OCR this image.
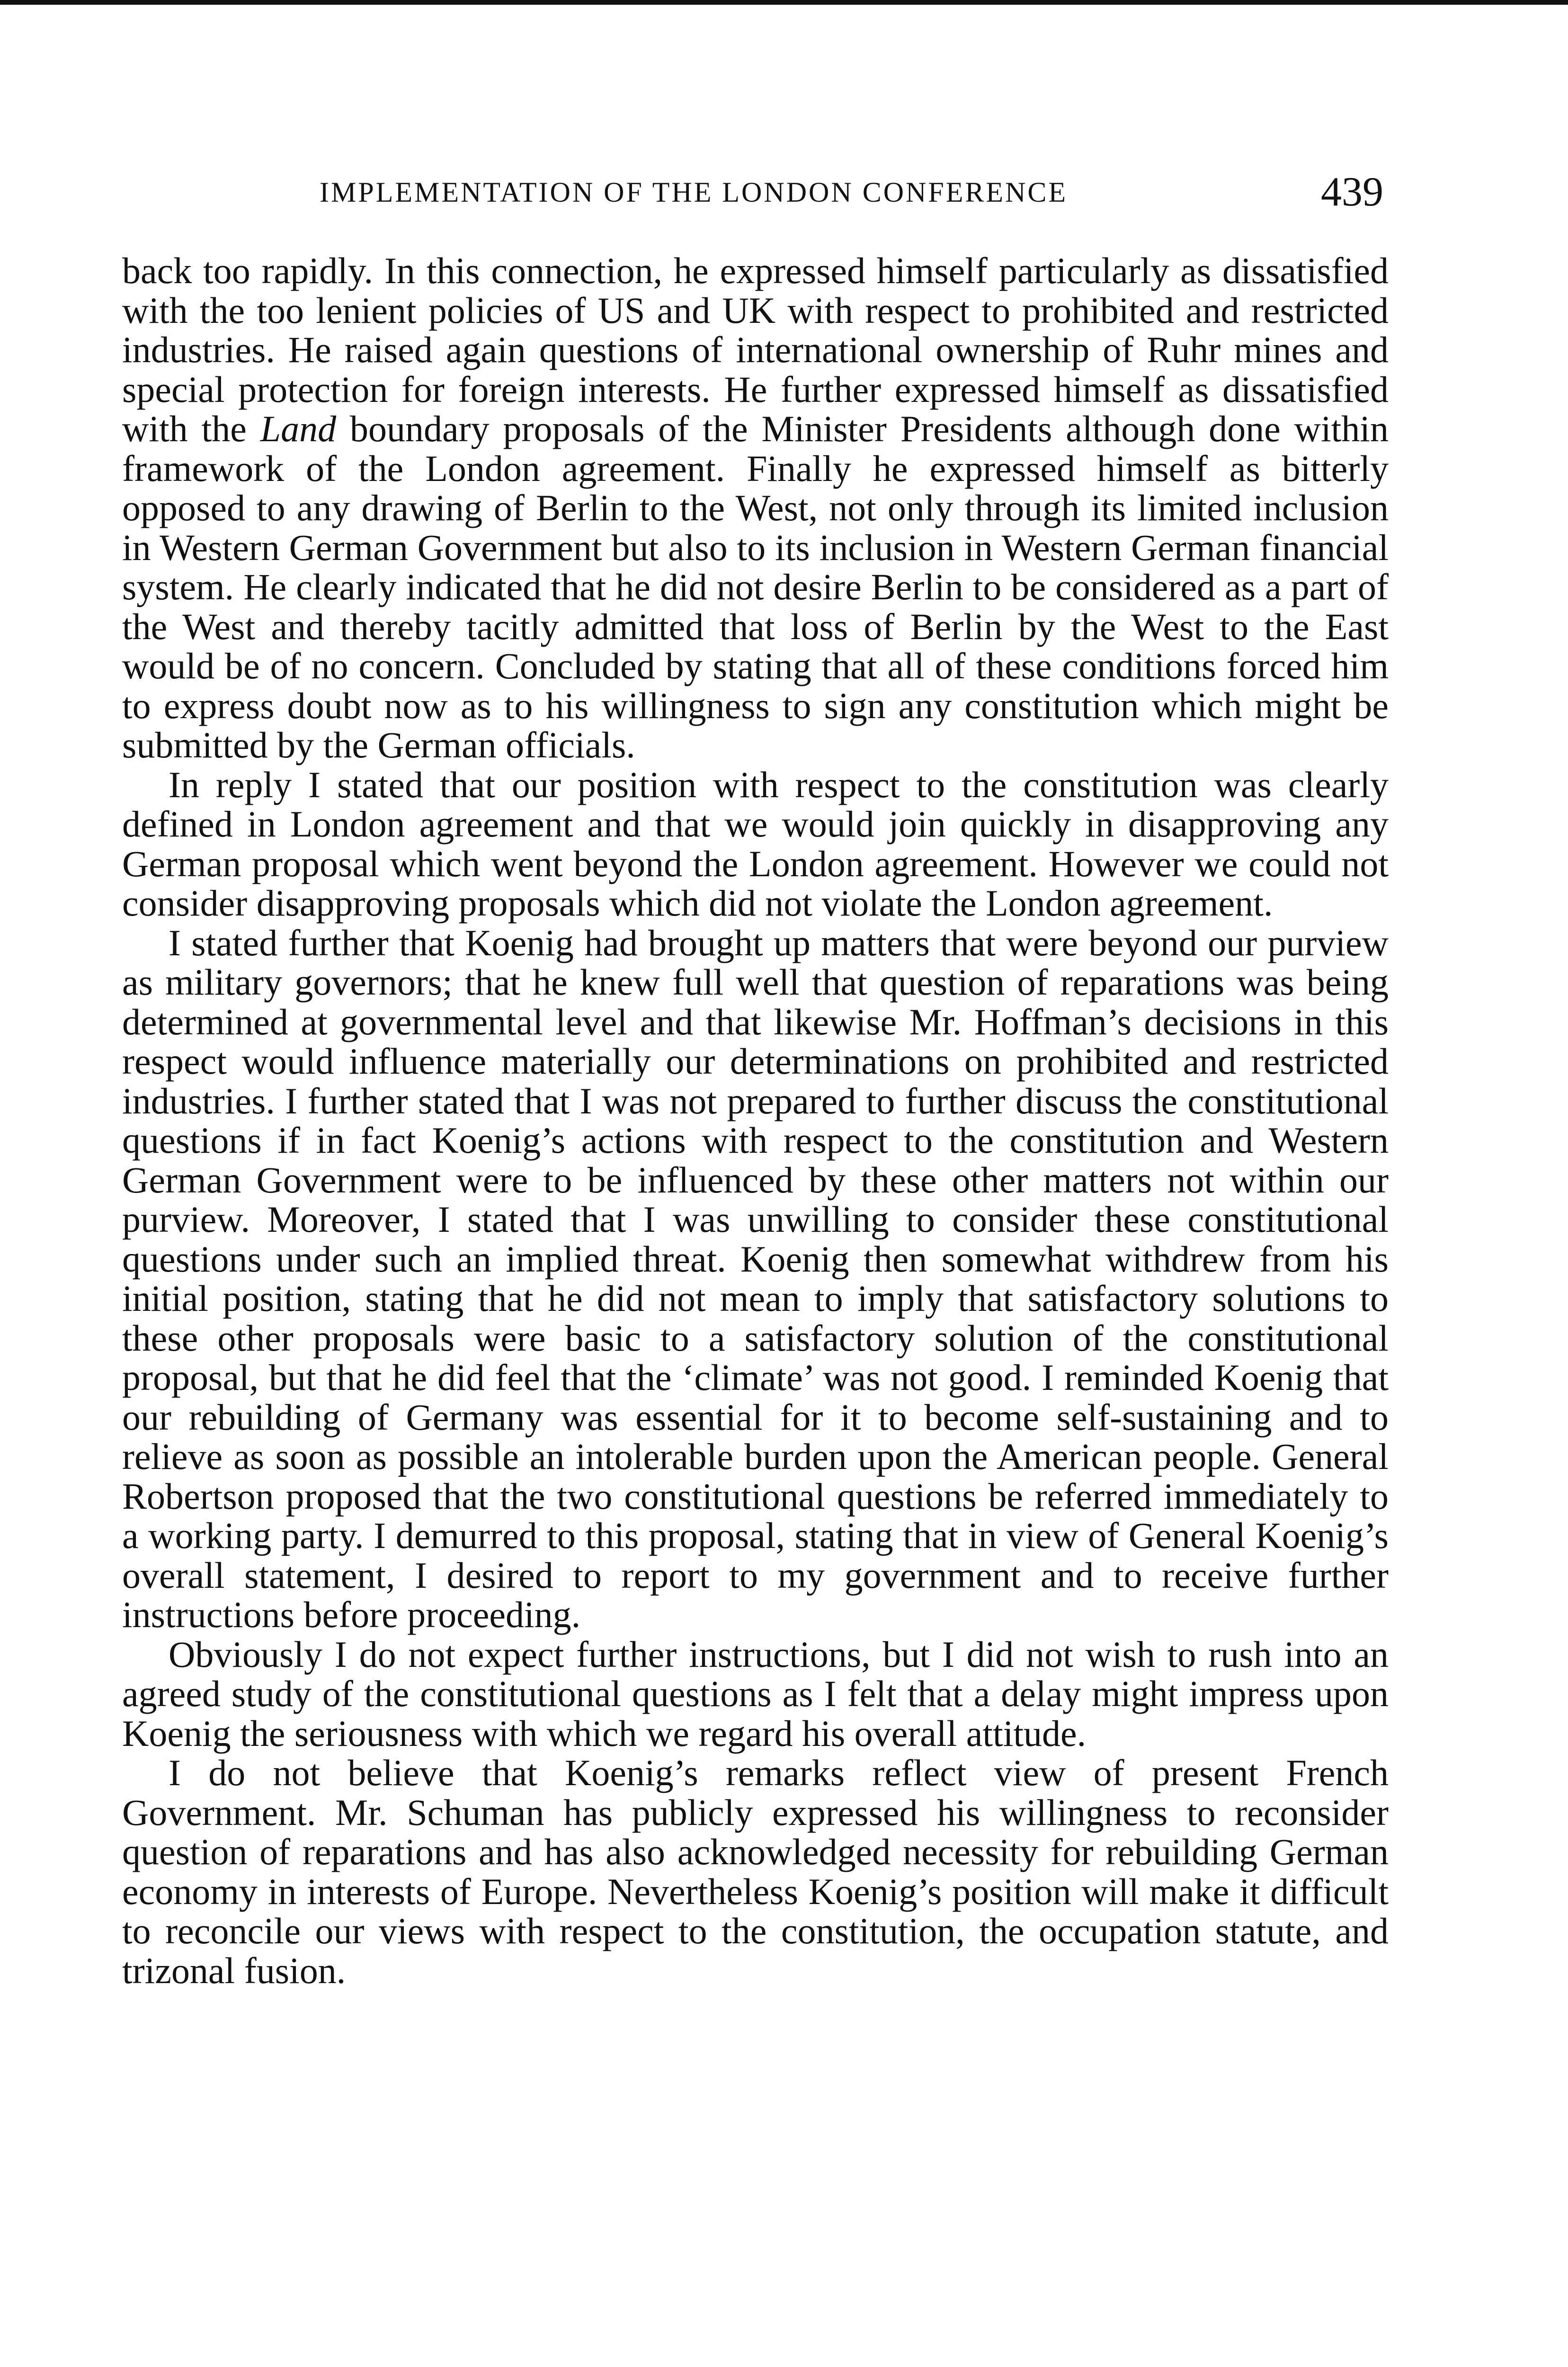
IMPLEMENTATION OF THE LONDON CONFERENCE	439

back too rapidly. In this connection, he expressed himself particularly as dissatisfied with the too lenient policies of US and UK with respect to prohibited and restricted industries. He raised again questions of international ownership of Ruhr mines and special protection for foreign interests. He further expressed himself as dissatisfied with the Land boundary proposals of the Minister Presidents although done within framework of the London agreement. Finally he expressed himself as bitterly opposed to any drawing of Berlin to the West, not only through its limited inclusion in Western German Government but also to its inclusion in Western German financial system. He clearly indicated that he did not desire Berlin to be considered as a part of the West and thereby tacitly admitted that loss of Berlin by the West to the East would be of no concern. Concluded by stating that all of these conditions forced him to express doubt now as to his willingness to sign any constitution which might be submitted by the German officials.

In reply I stated that our position with respect to the constitution was clearly defined in London agreement and that we would join quickly in disapproving any German proposal which went beyond the London agreement. However we could not consider disapproving proposals which did not violate the London agreement.

I stated further that Koenig had brought up matters that were beyond our purview as military governors; that he knew full well that question of reparations was being determined at governmental level and that likewise Mr. Hoffman’s decisions in this respect would influence materially our determinations on prohibited and restricted industries. I further stated that I was not prepared to further discuss the constitutional questions if in fact Koenig’s actions with respect to the constitution and Western German Government were to be influenced by these other matters not within our purview. Moreover, I stated that I was unwilling to consider these constitutional questions under such an implied threat. Koenig then somewhat withdrew from his initial position, stating that he did not mean to imply that satisfactory solutions to these other proposals were basic to a satisfactory solution of the constitutional proposal, but that he did feel that the ‘climate’ was not good. I reminded Koenig that our rebuilding of Germany was essential for it to become self-sustaining and to relieve as soon as possible an intolerable burden upon the American people. General Robertson proposed that the two constitutional questions be referred immediately to a working party. I demurred to this proposal, stating that in view of General Koenig’s overall statement, I desired to report to my government and to receive further instructions before proceeding.

Obviously I do not expect further instructions, but I did not wish to rush into an agreed study of the constitutional questions as I felt that a delay might impress upon Koenig the seriousness with which we regard his overall attitude.

I do not believe that Koenig’s remarks reflect view of present French Government. Mr. Schuman has publicly expressed his willingness to reconsider question of reparations and has also acknowledged necessity for rebuilding German economy in interests of Europe. Nevertheless Koenig’s position will make it difficult to reconcile our views with respect to the constitution, the occupation statute, and trizonal fusion.
